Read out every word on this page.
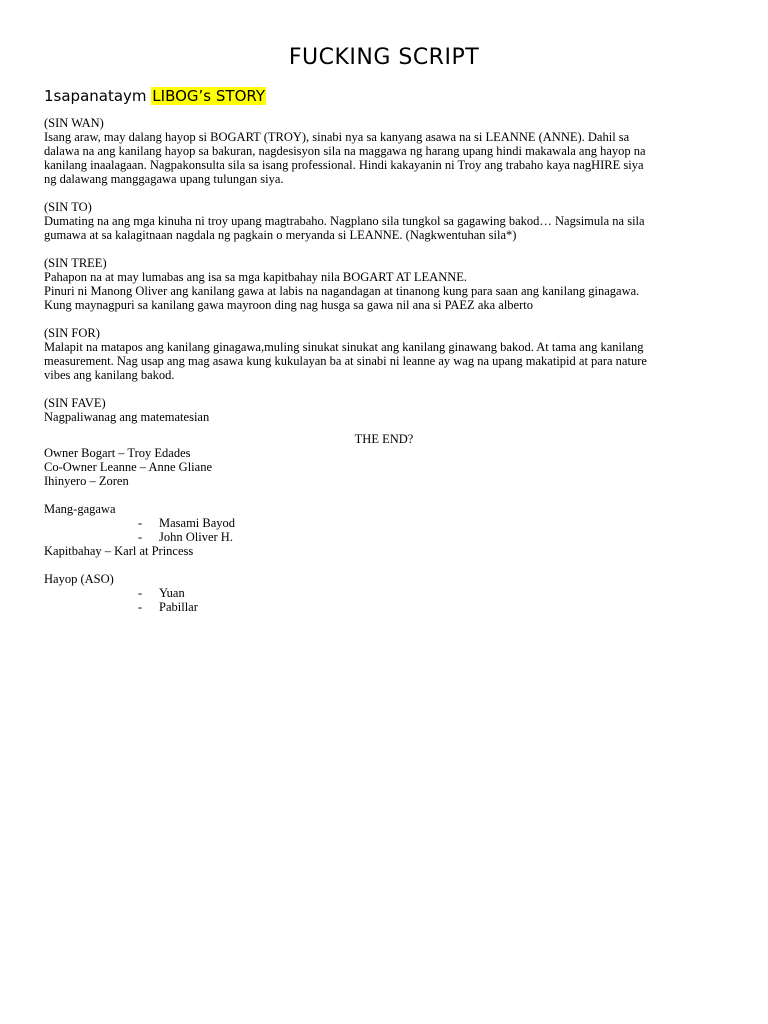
FUCKING SCRIPT
1sapanataym LIBOG’s STORY
(SIN WAN)
Isang araw, may dalang hayop si BOGART (TROY), sinabi nya sa kanyang asawa na si LEANNE (ANNE). Dahil sa
dalawa na ang kanilang hayop sa bakuran, nagdesisyon sila na maggawa ng harang upang hindi makawala ang hayop na
kanilang inaalagaan. Nagpakonsulta sila sa isang professional. Hindi kakayanin ni Troy ang trabaho kaya nagHIRE siya
ng dalawang manggagawa upang tulungan siya.
(SIN TO)
Dumating na ang mga kinuha ni troy upang magtrabaho. Nagplano sila tungkol sa gagawing bakod… Nagsimula na sila
gumawa at sa kalagitnaan nagdala ng pagkain o meryanda si LEANNE. (Nagkwentuhan sila*)
(SIN TREE)
Pahapon na at may lumabas ang isa sa mga kapitbahay nila BOGART AT LEANNE.
Pinuri ni Manong Oliver ang kanilang gawa at labis na nagandagan at tinanong kung para saan ang kanilang ginagawa.
Kung maynagpuri sa kanilang gawa mayroon ding nag husga sa gawa nil ana si PAEZ aka alberto
(SIN FOR)
Malapit na matapos ang kanilang ginagawa,muling sinukat sinukat ang kanilang ginawang bakod. At tama ang kanilang
measurement. Nag usap ang mag asawa kung kukulayan ba at sinabi ni leanne ay wag na upang makatipid at para nature
vibes ang kanilang bakod.
(SIN FAVE)
Nagpaliwanag ang matematesian
THE END?
Owner Bogart – Troy Edades
Co-Owner Leanne – Anne Gliane
Ihinyero – Zoren
Mang-gagawa
- Masami Bayod
- John Oliver H.
Kapitbahay – Karl at Princess
Hayop (ASO)
- Yuan
- Pabillar
